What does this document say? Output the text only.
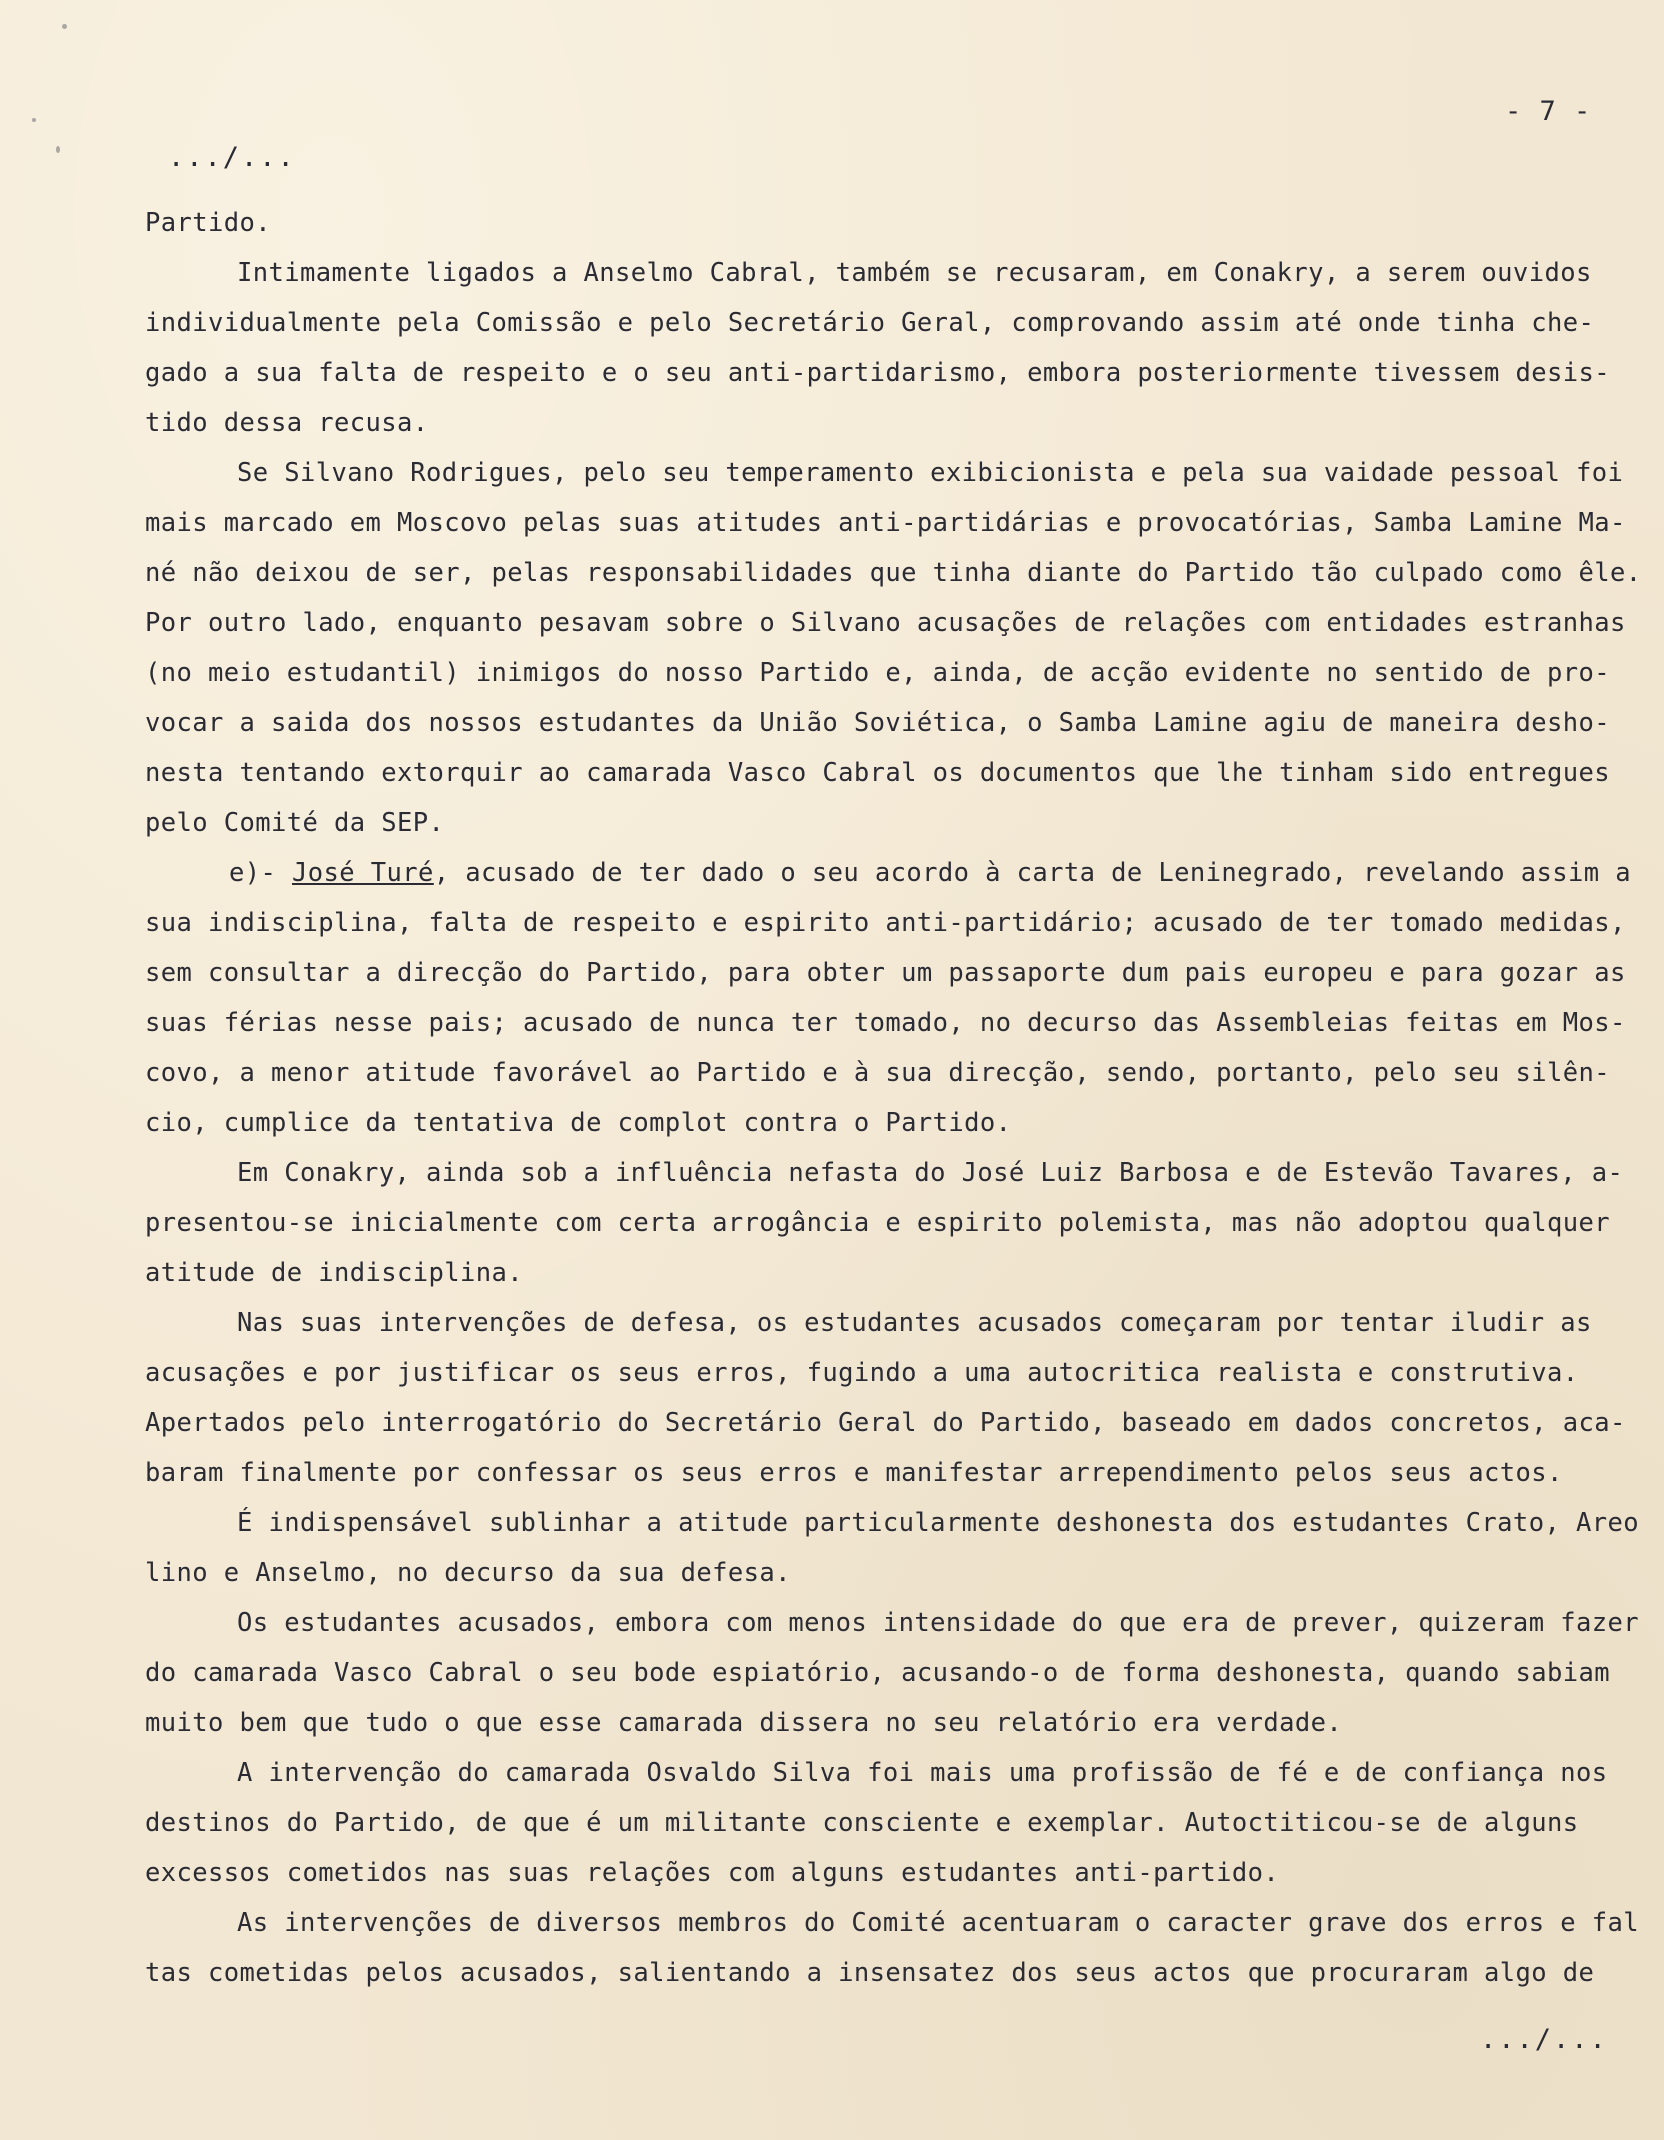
- 7 -
.../...
Partido.
Intimamente ligados a Anselmo Cabral, também se recusaram, em Conakry, a serem ouvidos
individualmente pela Comissão e pelo Secretário Geral, comprovando assim até onde tinha che-
gado a sua falta de respeito e o seu anti-partidarismo, embora posteriormente tivessem desis-
tido dessa recusa.
Se Silvano Rodrigues, pelo seu temperamento exibicionista e pela sua vaidade pessoal foi
mais marcado em Moscovo pelas suas atitudes anti-partidárias e provocatórias, Samba Lamine Ma-
né não deixou de ser, pelas responsabilidades que tinha diante do Partido tão culpado como êle.
Por outro lado, enquanto pesavam sobre o Silvano acusações de relações com entidades estranhas
(no meio estudantil) inimigos do nosso Partido e, ainda, de acção evidente no sentido de pro-
vocar a saida dos nossos estudantes da União Soviética, o Samba Lamine agiu de maneira desho-
nesta tentando extorquir ao camarada Vasco Cabral os documentos que lhe tinham sido entregues
pelo Comité da SEP.
e)- José Turé, acusado de ter dado o seu acordo à carta de Leninegrado, revelando assim a
sua indisciplina, falta de respeito e espirito anti-partidário; acusado de ter tomado medidas,
sem consultar a direcção do Partido, para obter um passaporte dum pais europeu e para gozar as
suas férias nesse pais; acusado de nunca ter tomado, no decurso das Assembleias feitas em Mos-
covo, a menor atitude favorável ao Partido e à sua direcção, sendo, portanto, pelo seu silên-
cio, cumplice da tentativa de complot contra o Partido.
Em Conakry, ainda sob a influência nefasta do José Luiz Barbosa e de Estevão Tavares, a-
presentou-se inicialmente com certa arrogância e espirito polemista, mas não adoptou qualquer
atitude de indisciplina.
Nas suas intervenções de defesa, os estudantes acusados começaram por tentar iludir as
acusações e por justificar os seus erros, fugindo a uma autocritica realista e construtiva.
Apertados pelo interrogatório do Secretário Geral do Partido, baseado em dados concretos, aca-
baram finalmente por confessar os seus erros e manifestar arrependimento pelos seus actos.
É indispensável sublinhar a atitude particularmente deshonesta dos estudantes Crato, Areo
lino e Anselmo, no decurso da sua defesa.
Os estudantes acusados, embora com menos intensidade do que era de prever, quizeram fazer
do camarada Vasco Cabral o seu bode espiatório, acusando-o de forma deshonesta, quando sabiam
muito bem que tudo o que esse camarada dissera no seu relatório era verdade.
A intervenção do camarada Osvaldo Silva foi mais uma profissão de fé e de confiança nos
destinos do Partido, de que é um militante consciente e exemplar. Autoctiticou-se de alguns
excessos cometidos nas suas relações com alguns estudantes anti-partido.
As intervenções de diversos membros do Comité acentuaram o caracter grave dos erros e fal
tas cometidas pelos acusados, salientando a insensatez dos seus actos que procuraram algo de
.../...
